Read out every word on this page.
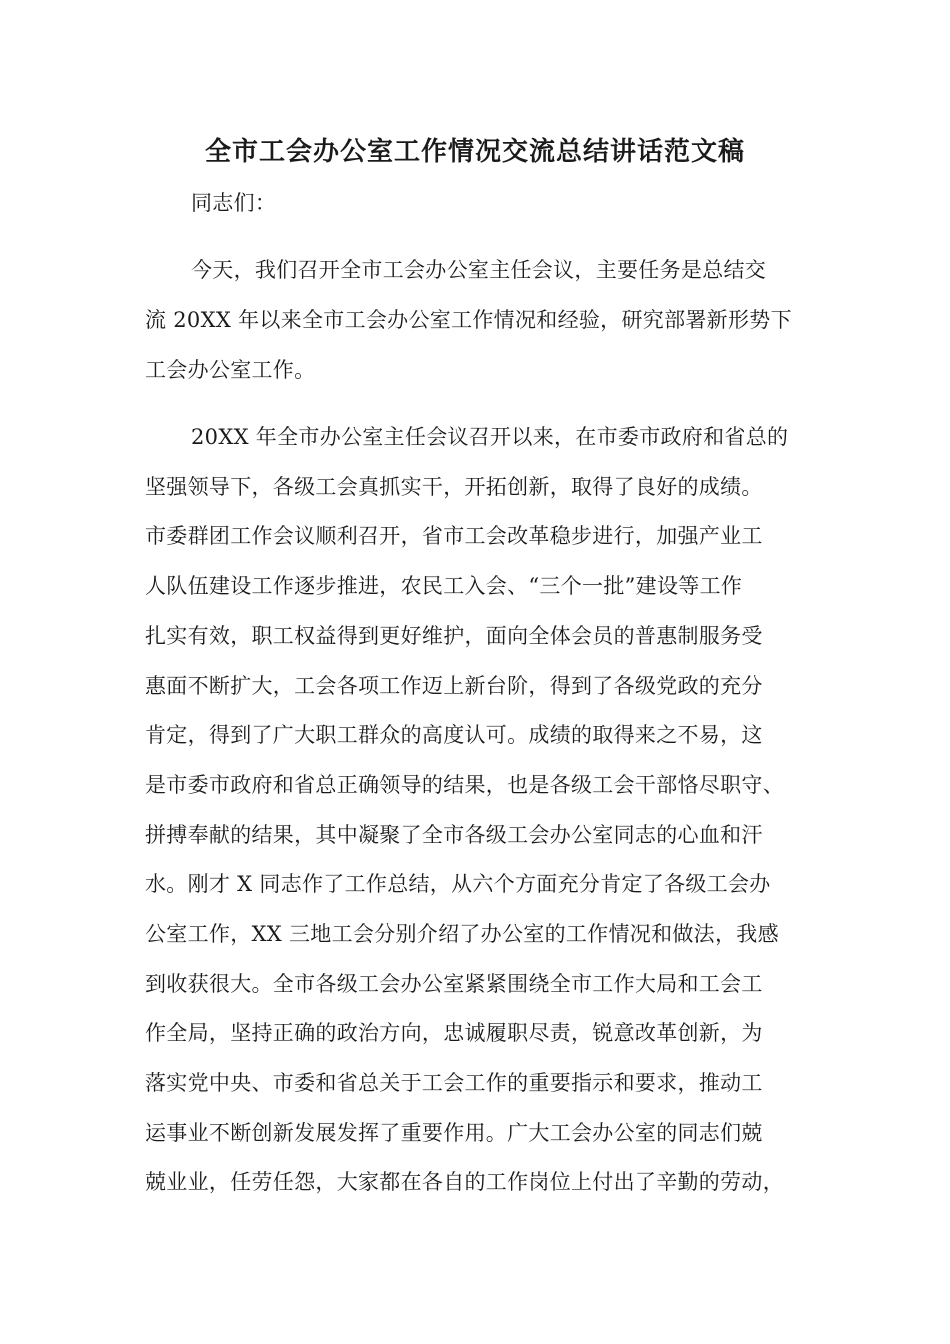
全市工会办公室工作情况交流总结讲话范文稿
同志们：
今天，我们召开全市工会办公室主任会议，主要任务是总结交
流 20XX 年以来全市工会办公室工作情况和经验，研究部署新形势下
工会办公室工作。
20XX 年全市办公室主任会议召开以来，在市委市政府和省总的
坚强领导下，各级工会真抓实干，开拓创新，取得了良好的成绩。
市委群团工作会议顺利召开，省市工会改革稳步进行，加强产业工
人队伍建设工作逐步推进，农民工入会、“三个一批”建设等工作
扎实有效，职工权益得到更好维护，面向全体会员的普惠制服务受
惠面不断扩大，工会各项工作迈上新台阶，得到了各级党政的充分
肯定，得到了广大职工群众的高度认可。成绩的取得来之不易，这
是市委市政府和省总正确领导的结果，也是各级工会干部恪尽职守、
拼搏奉献的结果，其中凝聚了全市各级工会办公室同志的心血和汗
水。刚才 X 同志作了工作总结，从六个方面充分肯定了各级工会办
公室工作，XX 三地工会分别介绍了办公室的工作情况和做法，我感
到收获很大。全市各级工会办公室紧紧围绕全市工作大局和工会工
作全局，坚持正确的政治方向，忠诚履职尽责，锐意改革创新，为
落实党中央、市委和省总关于工会工作的重要指示和要求，推动工
运事业不断创新发展发挥了重要作用。广大工会办公室的同志们兢
兢业业，任劳任怨，大家都在各自的工作岗位上付出了辛勤的劳动，
